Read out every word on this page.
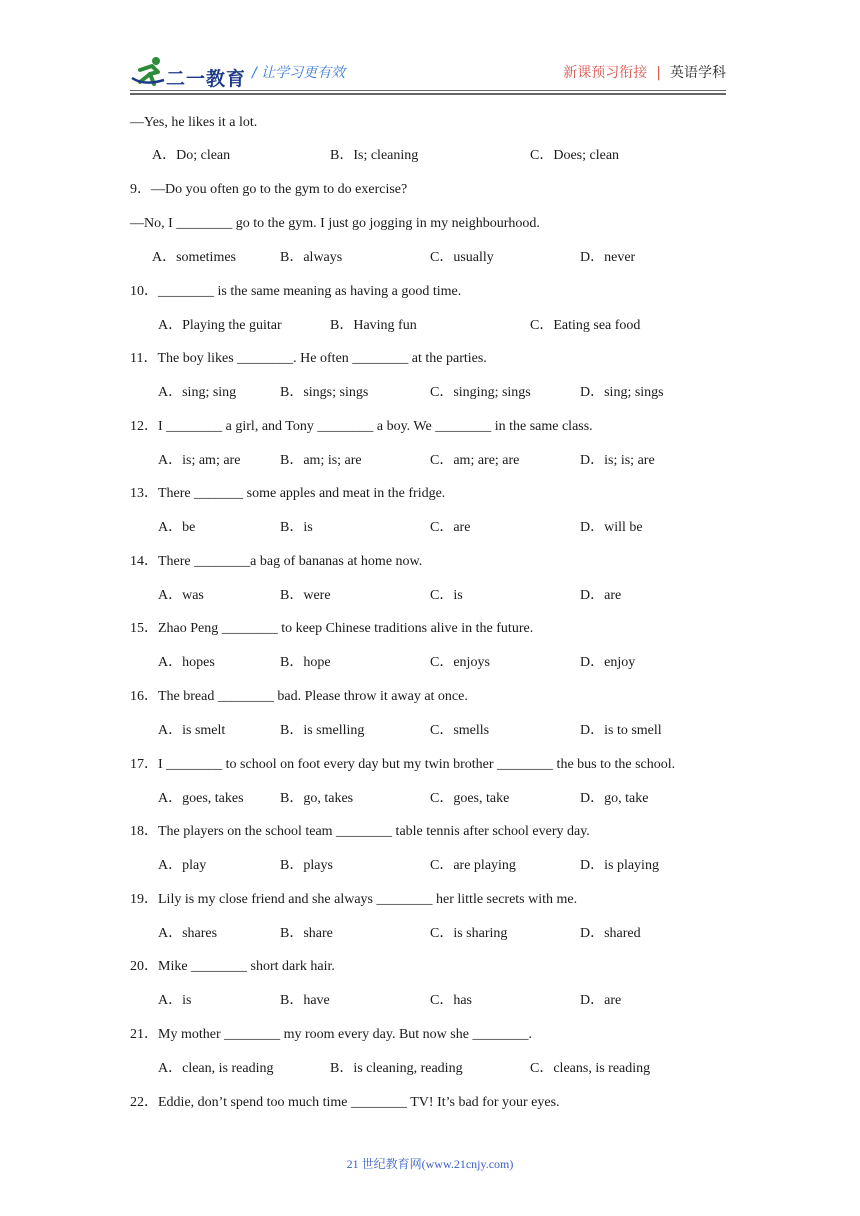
二一教育 / 让学习更有效	新课预习衔接 | 英语学科
—Yes, he likes it a lot.
A．Do; clean	B．Is; cleaning	C．Does; clean
9．—Do you often go to the gym to do exercise?
—No, I ________ go to the gym. I just go jogging in my neighbourhood.
A．sometimes	B．always	C．usually	D．never
10．________ is the same meaning as having a good time.
A．Playing the guitar	B．Having fun	C．Eating sea food
11．The boy likes ________. He often ________ at the parties.
A．sing; sing	B．sings; sings	C．singing; sings	D．sing; sings
12．I ________ a girl, and Tony ________ a boy. We ________ in the same class.
A．is; am; are	B．am; is; are	C．am; are; are	D．is; is; are
13．There _______ some apples and meat in the fridge.
A．be	B．is	C．are	D．will be
14．There ________a bag of bananas at home now.
A．was	B．were	C．is	D．are
15．Zhao Peng ________ to keep Chinese traditions alive in the future.
A．hopes	B．hope	C．enjoys	D．enjoy
16．The bread ________ bad. Please throw it away at once.
A．is smelt	B．is smelling	C．smells	D．is to smell
17．I ________ to school on foot every day but my twin brother ________ the bus to the school.
A．goes, takes	B．go, takes	C．goes, take	D．go, take
18．The players on the school team ________ table tennis after school every day.
A．play	B．plays	C．are playing	D．is playing
19．Lily is my close friend and she always ________ her little secrets with me.
A．shares	B．share	C．is sharing	D．shared
20．Mike ________ short dark hair.
A．is	B．have	C．has	D．are
21．My mother ________ my room every day. But now she ________.
A．clean, is reading	B．is cleaning, reading	C．cleans, is reading
22．Eddie, don’t spend too much time ________ TV! It’s bad for your eyes.
21 世纪教育网(www.21cnjy.com)
